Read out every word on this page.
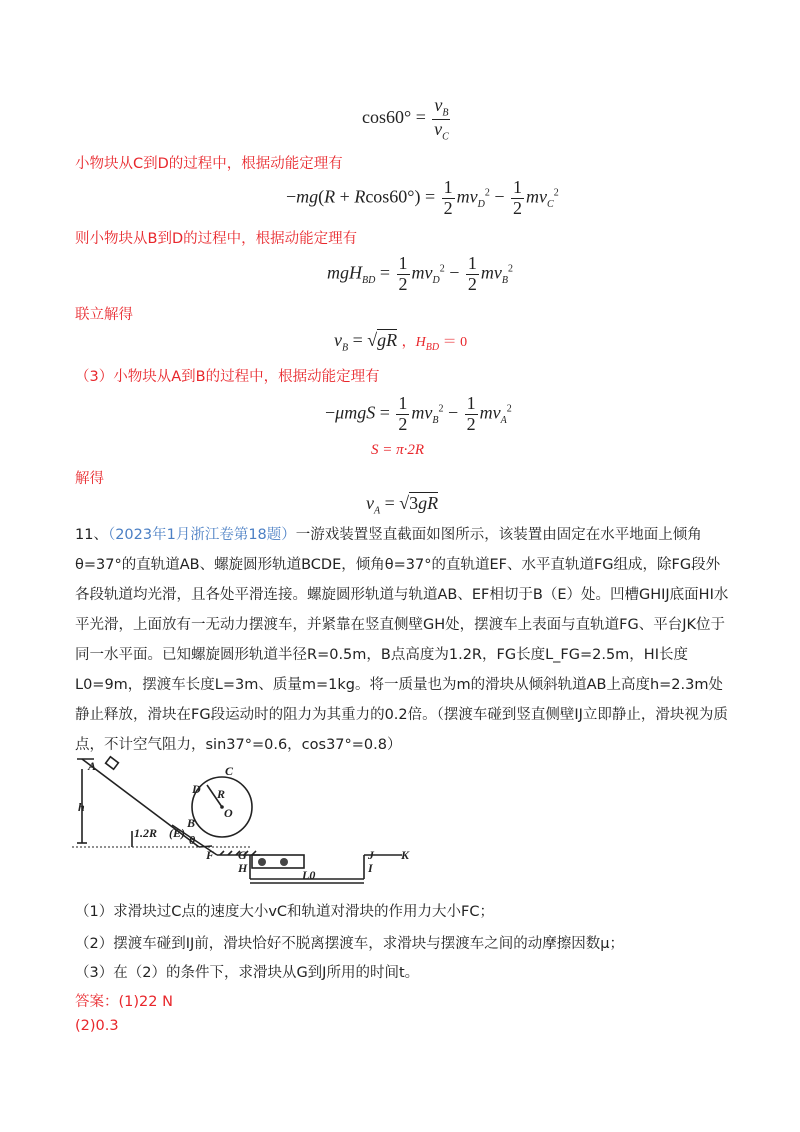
$\cos 60^\circ = \frac{v_B}{v_C}$
小物块从C到D的过程中，根据动能定理有
$-mg(R + Rcos60^\circ) = \frac{1}{2} mv_D^2 - \frac{1}{2} mv_C^2$
则小物块从B到D的过程中，根据动能定理有
$mgH_{BD} = \frac{1}{2} mv_D^2 - \frac{1}{2} mv_B^2$
联立解得
$v_B = √gR$ ，$H_{BD} = 0$
（3）小物块从A到B的过程中，根据动能定理有
$-\mu mgS = \frac{1}{2} mv_B^2 - \frac{1}{2} mv_A^2$
S = π·2R
解得
$v_A = √3gR$
11、（2023年1月浙江卷第18题）一游戏装置竖直截面如图所示，该装置由固定在水平地面上倾角θ=37°的直轨道AB、螺旋圆形轨道BCDE，倾角θ=37°的直轨道EF、水平直轨道FG组成，除FG段外各段轨道均光滑，且各处平滑连接。螺旋圆形轨道与轨道AB、EF相切于B（E）处。凹槽GHIJ底面HI水平光滑，上面放有一无动力摆渡车，并紧靠在竖直侧壁GH处，摆渡车上表面与直轨道FG、平台JK位于同一水平面。已知螺旋圆形轨道半径R=0.5m，B点高度为1.2R，FG长度L_FG=2.5m，HI长度L0=9m，摆渡车长度L=3m、质量m=1kg。将一质量也为m的滑块从倾斜轨道AB上高度h=2.3m处静止释放，滑块在FG段运动时的阻力为其重力的0.2倍。（摆渡车碰到竖直侧壁IJ立即静止，滑块视为质点，不计空气阻力，sin37°=0.6，cos37°=0.8）
A	C
D R
O
h
B
1.2R (E) θ
F G
H
J
I
K
L0
（1）求滑块过C点的速度大小vC和轨道对滑块的作用力大小FC；
（2）摆渡车碰到IJ前，滑块恰好不脱离摆渡车，求滑块与摆渡车之间的动摩擦因数μ；
（3）在（2）的条件下，求滑块从G到J所用的时间t。
答案：(1)22 N
(2)0.3
